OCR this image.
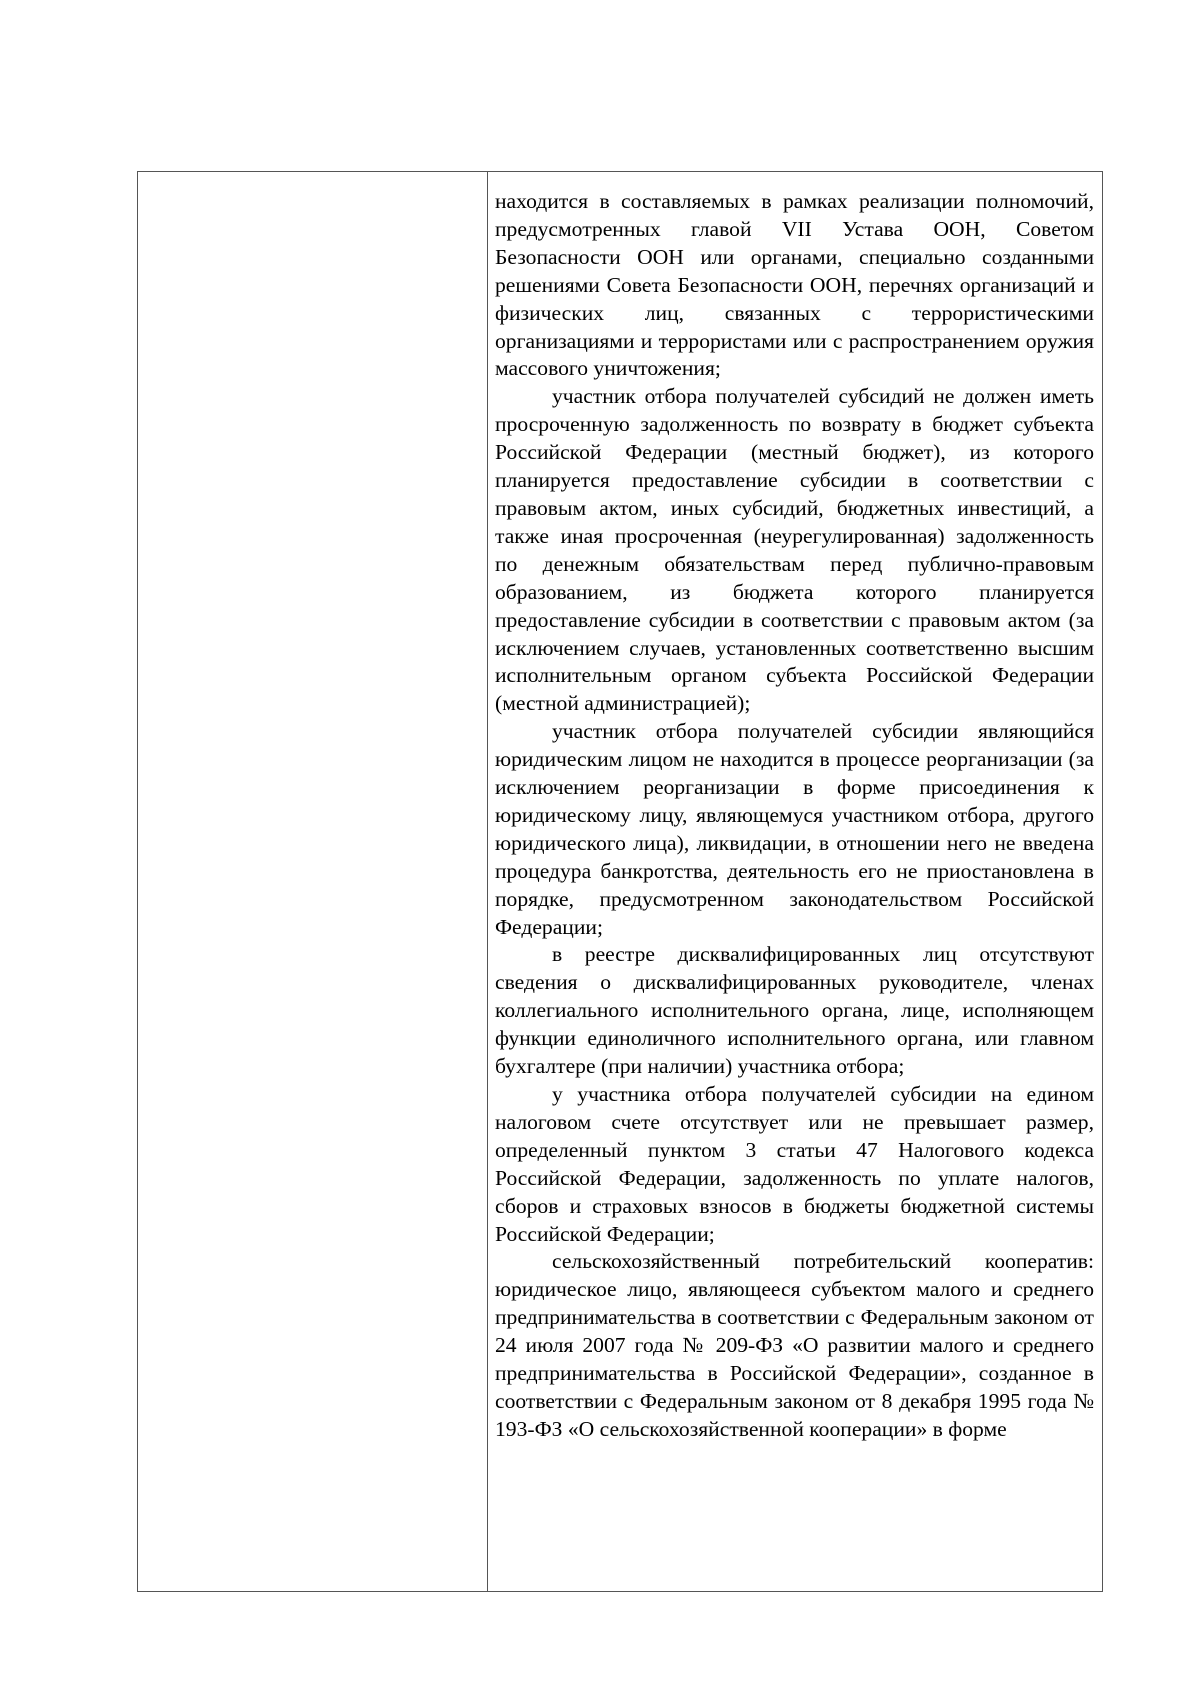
находится в составляемых в рамках реализации полномочий, предусмотренных главой VII Устава ООН, Советом Безопасности ООН или органами, специально созданными решениями Совета Безопасности ООН, перечнях организаций и физических лиц, связанных с террористическими организациями и террористами или с распространением оружия массового уничтожения;

участник отбора получателей субсидий не должен иметь просроченную задолженность по возврату в бюджет субъекта Российской Федерации (местный бюджет), из которого планируется предоставление субсидии в соответствии с правовым актом, иных субсидий, бюджетных инвестиций, а также иная просроченная (неурегулированная) задолженность по денежным обязательствам перед публично-правовым образованием, из бюджета которого планируется предоставление субсидии в соответствии с правовым актом (за исключением случаев, установленных соответственно высшим исполнительным органом субъекта Российской Федерации (местной администрацией);

участник отбора получателей субсидии являющийся юридическим лицом не находится в процессе реорганизации (за исключением реорганизации в форме присоединения к юридическому лицу, являющемуся участником отбора, другого юридического лица), ликвидации, в отношении него не введена процедура банкротства, деятельность его не приостановлена в порядке, предусмотренном законодательством Российской Федерации;

в реестре дисквалифицированных лиц отсутствуют сведения о дисквалифицированных руководителе, членах коллегиального исполнительного органа, лице, исполняющем функции единоличного исполнительного органа, или главном бухгалтере (при наличии) участника отбора;

у участника отбора получателей субсидии на едином налоговом счете отсутствует или не превышает размер, определенный пунктом 3 статьи 47 Налогового кодекса Российской Федерации, задолженность по уплате налогов, сборов и страховых взносов в бюджеты бюджетной системы Российской Федерации;

сельскохозяйственный потребительский кооператив: юридическое лицо, являющееся субъектом малого и среднего предпринимательства в соответствии с Федеральным законом от 24 июля 2007 года № 209-ФЗ «О развитии малого и среднего предпринимательства в Российской Федерации», созданное в соответствии с Федеральным законом от 8 декабря 1995 года № 193-ФЗ «О сельскохозяйственной кооперации» в форме
